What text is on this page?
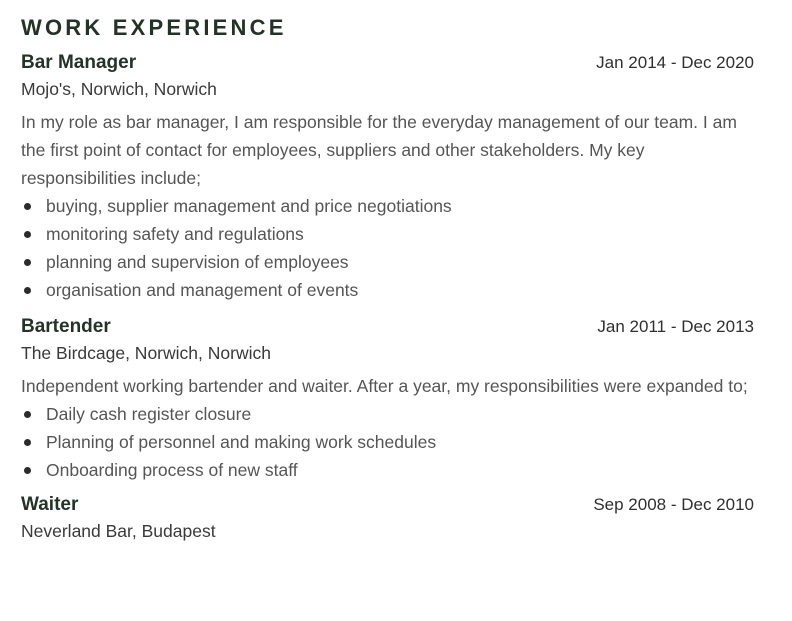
WORK EXPERIENCE
Bar Manager	Jan 2014 - Dec 2020
Mojo's, Norwich, Norwich
In my role as bar manager, I am responsible for the everyday management of our team. I am the first point of contact for employees, suppliers and other stakeholders. My key responsibilities include;
buying, supplier management and price negotiations
monitoring safety and regulations
planning and supervision of employees
organisation and management of events
Bartender	Jan 2011 - Dec 2013
The Birdcage, Norwich, Norwich
Independent working bartender and waiter. After a year, my responsibilities were expanded to;
Daily cash register closure
Planning of personnel and making work schedules
Onboarding process of new staff
Waiter	Sep 2008 - Dec 2010
Neverland Bar, Budapest
